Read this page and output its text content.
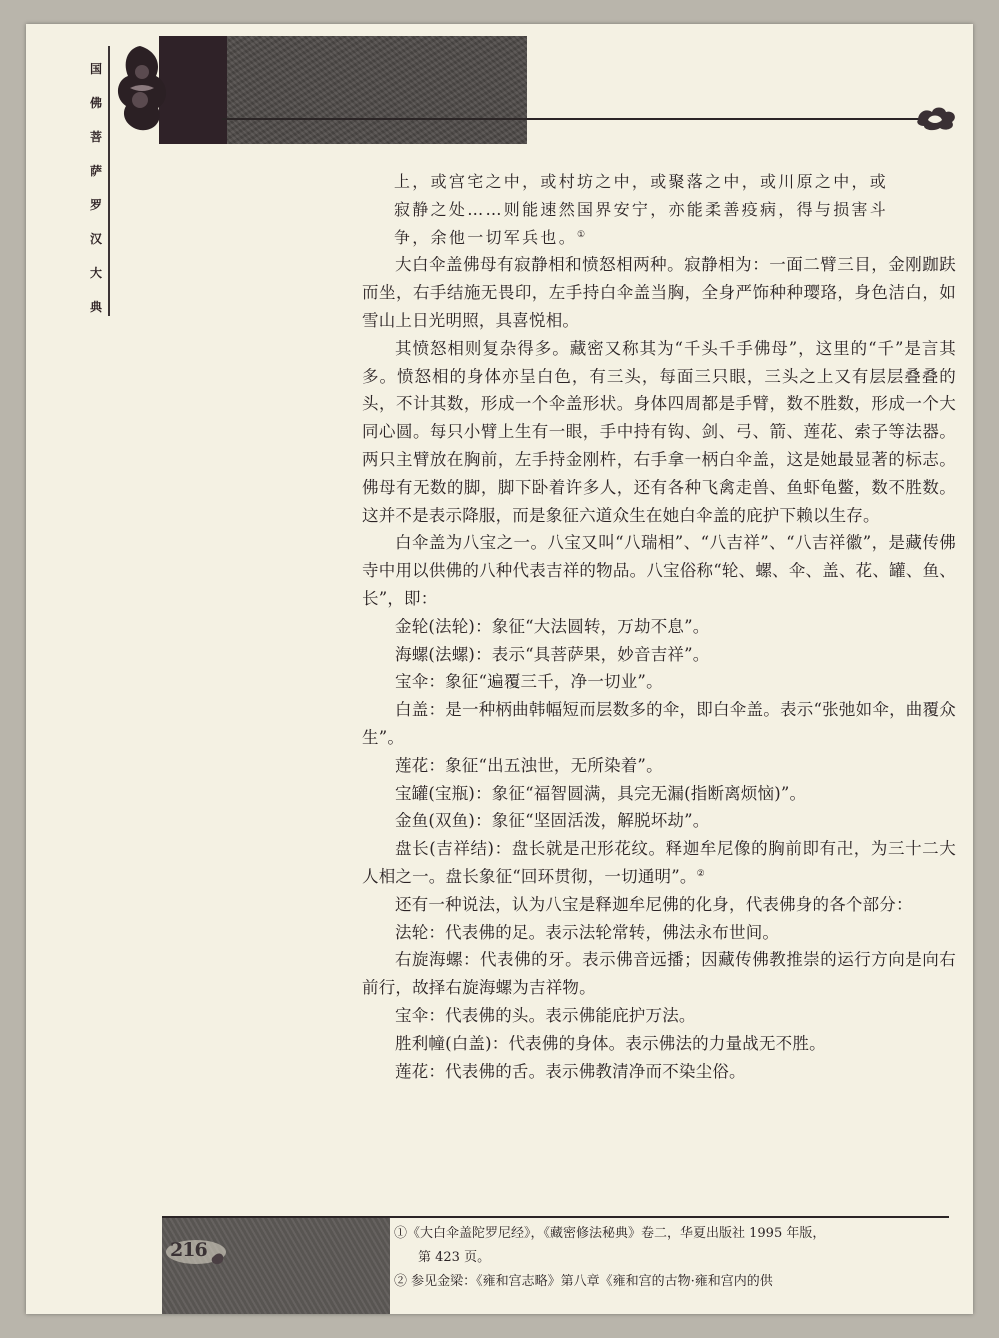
国
佛
菩
萨
罗
汉
大
典

上，或宫宅之中，或村坊之中，或聚落之中，或川原之中，或

寂静之处……则能速然国界安宁，亦能柔善疫病，得与损害斗

争，余他一切军兵也。①

大白伞盖佛母有寂静相和愤怒相两种。寂静相为：一面二臂三目，金刚跏趺而坐，右手结施无畏印，左手持白伞盖当胸，全身严饰种种璎珞，身色洁白，如雪山上日光明照，具喜悦相。

其愤怒相则复杂得多。藏密又称其为“千头千手佛母”，这里的“千”是言其多。愤怒相的身体亦呈白色，有三头，每面三只眼，三头之上又有层层叠叠的头，不计其数，形成一个伞盖形状。身体四周都是手臂，数不胜数，形成一个大同心圆。每只小臂上生有一眼，手中持有钩、剑、弓、箭、莲花、索子等法器。两只主臂放在胸前，左手持金刚杵，右手拿一柄白伞盖，这是她最显著的标志。佛母有无数的脚，脚下卧着许多人，还有各种飞禽走兽、鱼虾龟鳖，数不胜数。这并不是表示降服，而是象征六道众生在她白伞盖的庇护下赖以生存。

白伞盖为八宝之一。八宝又叫“八瑞相”、“八吉祥”、“八吉祥徽”，是藏传佛寺中用以供佛的八种代表吉祥的物品。八宝俗称“轮、螺、伞、盖、花、罐、鱼、长”，即：

金轮(法轮)：象征“大法圆转，万劫不息”。

海螺(法螺)：表示“具菩萨果，妙音吉祥”。

宝伞：象征“遍覆三千，净一切业”。

白盖：是一种柄曲韩幅短而层数多的伞，即白伞盖。表示“张弛如伞，曲覆众生”。

莲花：象征“出五浊世，无所染着”。

宝罐(宝瓶)：象征“福智圆满，具完无漏(指断离烦恼)”。

金鱼(双鱼)：象征“坚固活泼，解脱坏劫”。

盘长(吉祥结)：盘长就是卍形花纹。释迦牟尼像的胸前即有卍，为三十二大人相之一。盘长象征“回环贯彻，一切通明”。②

还有一种说法，认为八宝是释迦牟尼佛的化身，代表佛身的各个部分：

法轮：代表佛的足。表示法轮常转，佛法永布世间。

右旋海螺：代表佛的牙。表示佛音远播；因藏传佛教推崇的运行方向是向右前行，故择右旋海螺为吉祥物。

宝伞：代表佛的头。表示佛能庇护万法。

胜利幢(白盖)：代表佛的身体。表示佛法的力量战无不胜。

莲花：代表佛的舌。表示佛教清净而不染尘俗。

216
①《大白伞盖陀罗尼经》，《藏密修法秘典》卷二，华夏出版社 1995 年版，
第 423 页。
② 参见金梁：《雍和宫志略》第八章《雍和宫的古物·雍和宫内的供
